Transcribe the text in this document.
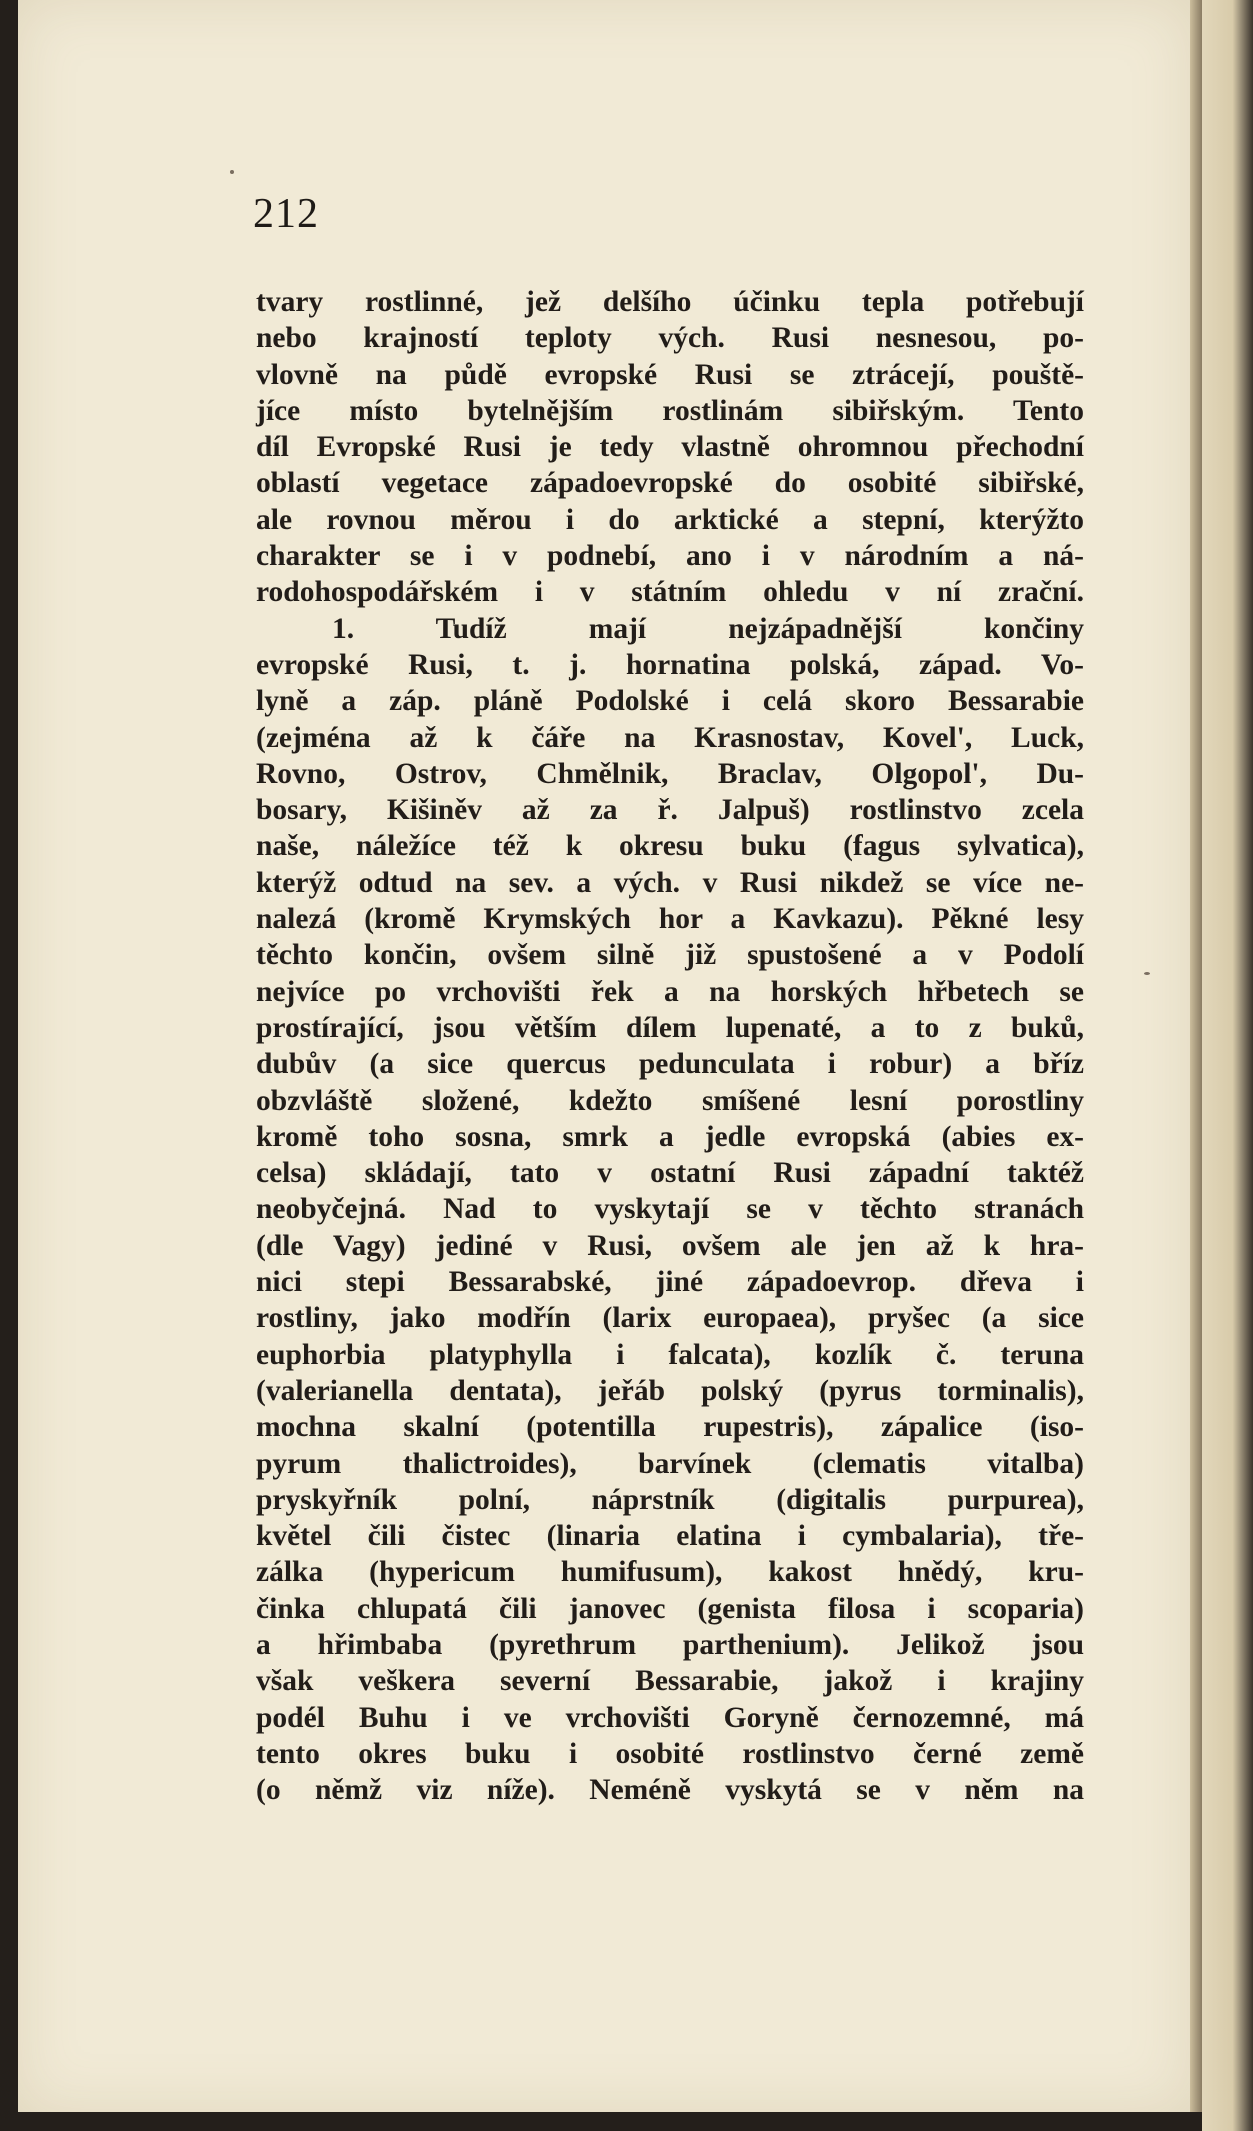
212
tvary rostlinné, jež delšího účinku tepla potřebují
nebo krajností teploty vých. Rusi nesnesou, po-
vlovně na půdě evropské Rusi se ztrácejí, pouště-
jíce místo bytelnějším rostlinám sibiřským. Tento
díl Evropské Rusi je tedy vlastně ohromnou přechodní
oblastí vegetace západoevropské do osobité sibiřské,
ale rovnou měrou i do arktické a stepní, kterýžto
charakter se i v podnebí, ano i v národním a ná-
rodohospodářském i v státním ohledu v ní zrační.
1. Tudíž mají nejzápadnější končiny
evropské Rusi, t. j. hornatina polská, západ. Vo-
lyně a záp. pláně Podolské i celá skoro Bessarabie
(zejména až k čáře na Krasnostav, Kovel', Luck,
Rovno, Ostrov, Chmělnik, Braclav, Olgopol', Du-
bosary, Kišiněv až za ř. Jalpuš) rostlinstvo zcela
naše, náležíce též k okresu buku (fagus sylvatica),
kterýž odtud na sev. a vých. v Rusi nikdež se více ne-
nalezá (kromě Krymských hor a Kavkazu). Pěkné lesy
těchto končin, ovšem silně již spustošené a v Podolí
nejvíce po vrchovišti řek a na horských hřbetech se
prostírající, jsou větším dílem lupenaté, a to z buků,
dubův (a sice quercus pedunculata i robur) a bříz
obzvláště složené, kdežto smíšené lesní porostliny
kromě toho sosna, smrk a jedle evropská (abies ex-
celsa) skládají, tato v ostatní Rusi západní taktéž
neobyčejná. Nad to vyskytají se v těchto stranách
(dle Vagy) jediné v Rusi, ovšem ale jen až k hra-
nici stepi Bessarabské, jiné západoevrop. dřeva i
rostliny, jako modřín (larix europaea), pryšec (a sice
euphorbia platyphylla i falcata), kozlík č. teruna
(valerianella dentata), jeřáb polský (pyrus torminalis),
mochna skalní (potentilla rupestris), zápalice (iso-
pyrum thalictroides), barvínek (clematis vitalba)
pryskyřník polní, náprstník (digitalis purpurea),
květel čili čistec (linaria elatina i cymbalaria), tře-
zálka (hypericum humifusum), kakost hnědý, kru-
činka chlupatá čili janovec (genista filosa i scoparia)
a hřimbaba (pyrethrum parthenium). Jelikož jsou
však veškera severní Bessarabie, jakož i krajiny
podél Buhu i ve vrchovišti Goryně černozemné, má
tento okres buku i osobité rostlinstvo černé země
(o němž viz níže). Neméně vyskytá se v něm na
